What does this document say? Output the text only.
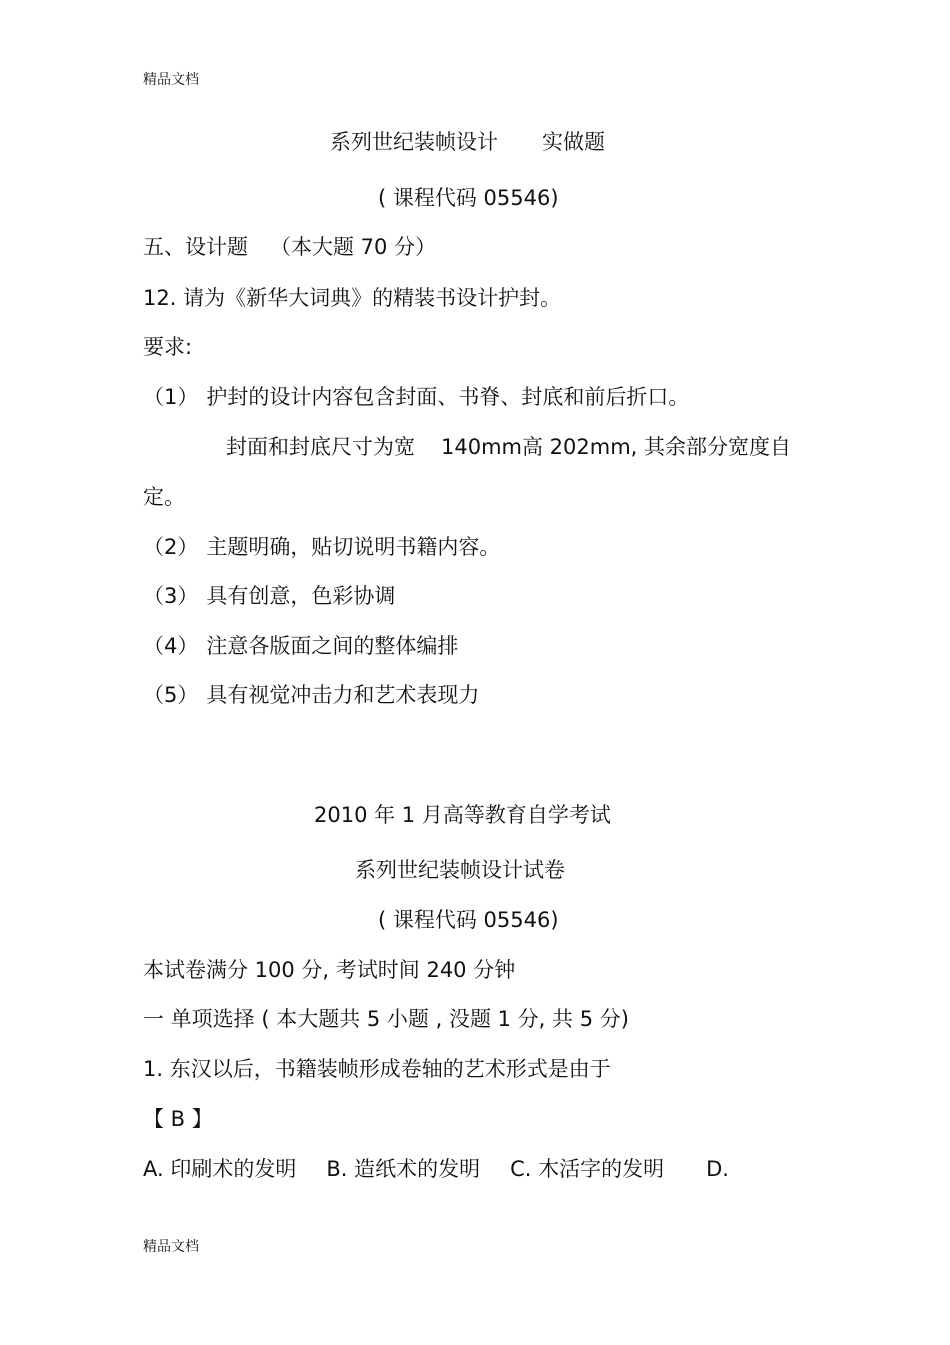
精品文档
系列世纪装帧设计 实做题
( 课程代码 05546)
五、设计题 （本大题 70 分）
12. 请为《新华大词典》的精装书设计护封。
要求:
（1） 护封的设计内容包含封面、书脊、封底和前后折口。
封面和封底尺寸为宽 140mm高 202mm, 其余部分宽度自
定。
（2） 主题明确，贴切说明书籍内容。
（3） 具有创意，色彩协调
（4） 注意各版面之间的整体编排
（5） 具有视觉冲击力和艺术表现力
2010 年 1 月高等教育自学考试
系列世纪装帧设计试卷
( 课程代码 05546)
本试卷满分 100 分, 考试时间 240 分钟
一 单项选择 ( 本大题共 5 小题 , 没题 1 分, 共 5 分)
1. 东汉以后，书籍装帧形成卷轴的艺术形式是由于
【 B 】
A. 印刷术的发明 B. 造纸术的发明 C. 木活字的发明 D.
精品文档
